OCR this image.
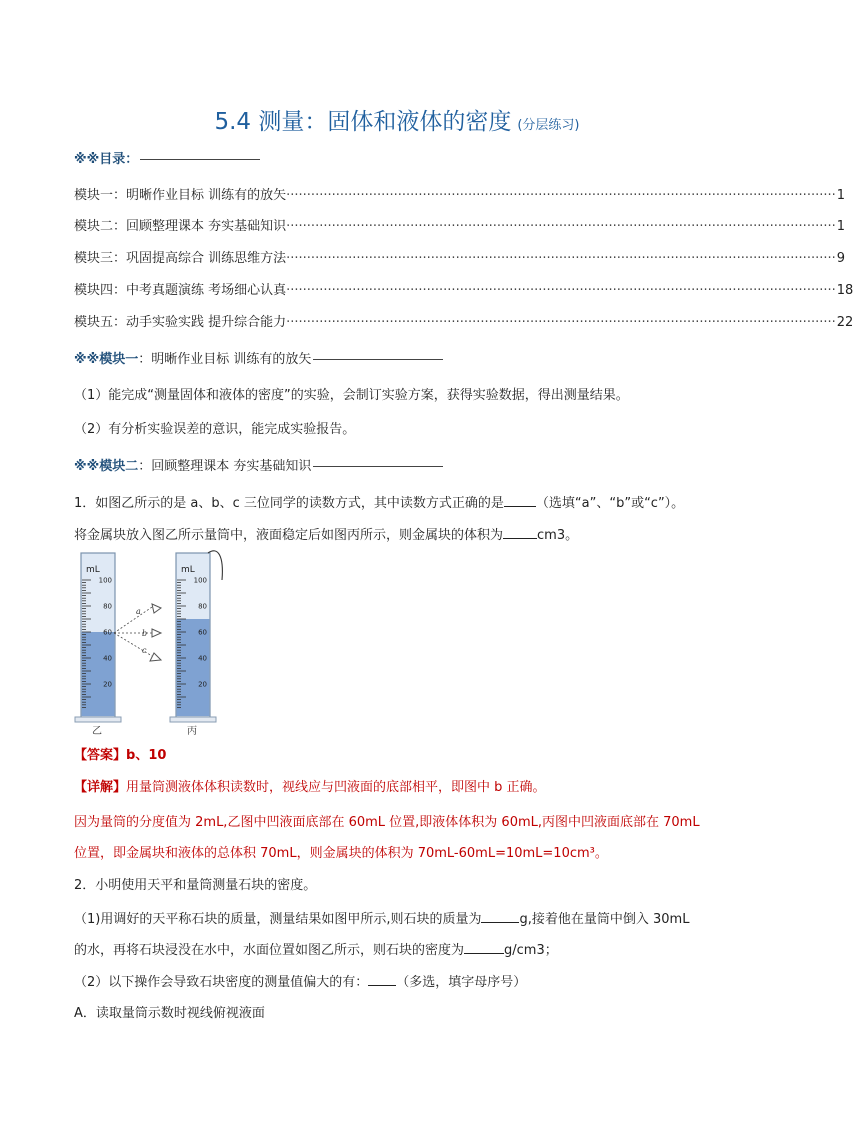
5.4 测量：固体和液体的密度 (分层练习)
※※目录：
模块一：明晰作业目标 训练有的放矢 ····································································································································· 1
模块二：回顾整理课本 夯实基础知识 ····································································································································· 1
模块三：巩固提高综合 训练思维方法 ····································································································································· 9
模块四：中考真题演练 考场细心认真 ····································································································································· 18
模块五：动手实验实践 提升综合能力 ····································································································································· 22
※※模块一：明晰作业目标 训练有的放矢
（1）能完成“测量固体和液体的密度”的实验，会制订实验方案，获得实验数据，得出测量结果。
（2）有分析实验误差的意识，能完成实验报告。
※※模块二：回顾整理课本 夯实基础知识
1．如图乙所示的是 a、b、c 三位同学的读数方式，其中读数方式正确的是 （选填“a”、“b”或“c”）。
将金属块放入图乙所示量筒中，液面稳定后如图丙所示，则金属块的体积为	cm3。
mL
100
80
60
40
20
乙
a
b
c
mL
100
80
60
40
20
丙
【答案】b、10
【详解】用量筒测液体体积读数时，视线应与凹液面的底部相平，即图中 b 正确。
因为量筒的分度值为 2mL,乙图中凹液面底部在 60mL 位置,即液体体积为 60mL,丙图中凹液面底部在 70mL
位置，即金属块和液体的总体积 70mL，则金属块的体积为 70mL-60mL=10mL=10cm³。
2．小明使用天平和量筒测量石块的密度。
（1)用调好的天平称石块的质量，测量结果如图甲所示,则石块的质量为	g,接着他在量筒中倒入 30mL
的水，再将石块浸没在水中，水面位置如图乙所示，则石块的密度为	g/cm3；
（2）以下操作会导致石块密度的测量值偏大的有： （多选，填字母序号）
A．读取量筒示数时视线俯视液面
